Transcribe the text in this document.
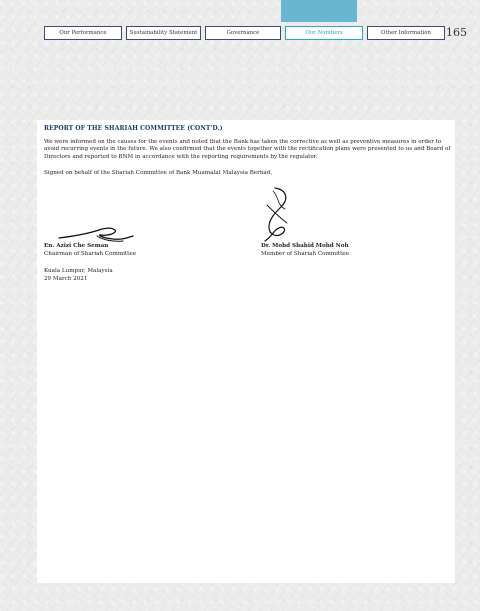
Our Performance	Sustainability Statement	Governance	Our Numbers	Other Information	165
REPORT OF THE SHARIAH COMMITTEE (CONT'D.)

We were informed on the causes for the events and noted that the Bank has taken the corrective as well as preventive measures in order to avoid recurring events in the future. We also confirmed that the events together with the rectification plans were presented to us and Board of Directors and reported to BNM in accordance with the reporting requirements by the regulator.

Signed on behalf of the Shariah Committee of Bank Muamalat Malaysia Berhad,

En. Azizi Che Seman
Chairman of Shariah Committee
Dr. Mohd Shahid Mohd Noh
Member of Shariah Committee
Kuala Lumpur, Malaysia
29 March 2021
